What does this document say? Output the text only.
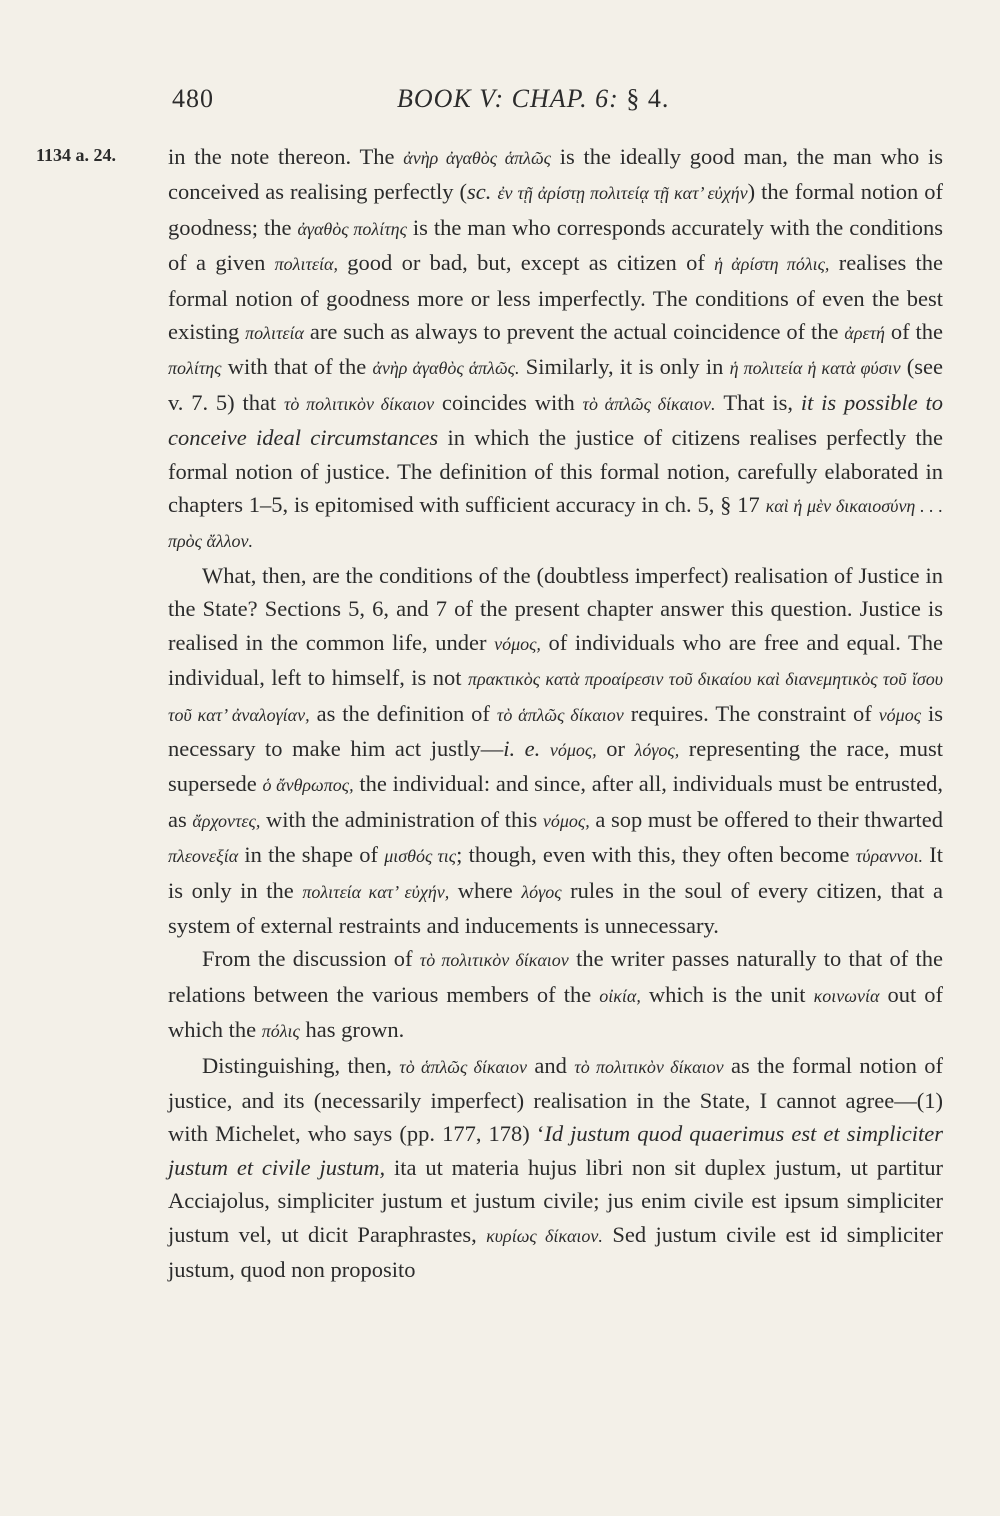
480	BOOK V: CHAP. 6: § 4.
1134 a. 24. in the note thereon. The ἀνὴρ ἀγαθὸς ἁπλῶς is the ideally good man, the man who is conceived as realising perfectly (sc. ἐν τῇ ἀρίστῃ πολιτείᾳ τῇ κατ’ εὐχήν) the formal notion of goodness; the ἀγαθὸς πολίτης is the man who corresponds accurately with the conditions of a given πολιτεία, good or bad, but, except as citizen of ἡ ἀρίστη πόλις, realises the formal notion of goodness more or less imperfectly. The conditions of even the best existing πολιτεία are such as always to prevent the actual coincidence of the ἀρετή of the πολίτης with that of the ἀνὴρ ἀγαθὸς ἁπλῶς. Similarly, it is only in ἡ πολιτεία ἡ κατὰ φύσιν (see v. 7. 5) that τὸ πολιτικὸν δίκαιον coincides with τὸ ἁπλῶς δίκαιον. That is, it is possible to conceive ideal circumstances in which the justice of citizens realises perfectly the formal notion of justice. The definition of this formal notion, carefully elaborated in chapters 1–5, is epitomised with sufficient accuracy in ch. 5, § 17 καὶ ἡ μὲν δικαιοσύνη . . . πρὸς ἄλλον.

What, then, are the conditions of the (doubtless imperfect) realisation of Justice in the State? Sections 5, 6, and 7 of the present chapter answer this question. Justice is realised in the common life, under νόμος, of individuals who are free and equal. The individual, left to himself, is not πρακτικὸς κατὰ προαίρεσιν τοῦ δικαίου καὶ διανεμητικὸς τοῦ ἴσου τοῦ κατ’ ἀναλογίαν, as the definition of τὸ ἁπλῶς δίκαιον requires. The constraint of νόμος is necessary to make him act justly—i. e. νόμος, or λόγος, representing the race, must supersede ὁ ἄνθρωπος, the individual: and since, after all, individuals must be entrusted, as ἄρχοντες, with the administration of this νόμος, a sop must be offered to their thwarted πλεονεξία in the shape of μισθός τις; though, even with this, they often become τύραννοι. It is only in the πολιτεία κατ’ εὐχήν, where λόγος rules in the soul of every citizen, that a system of external restraints and inducements is unnecessary.

From the discussion of τὸ πολιτικὸν δίκαιον the writer passes naturally to that of the relations between the various members of the οἰκία, which is the unit κοινωνία out of which the πόλις has grown.

Distinguishing, then, τὸ ἁπλῶς δίκαιον and τὸ πολιτικὸν δίκαιον as the formal notion of justice, and its (necessarily imperfect) realisation in the State, I cannot agree—(1) with Michelet, who says (pp. 177, 178) ‘Id justum quod quaerimus est et simpliciter justum et civile justum, ita ut materia hujus libri non sit duplex justum, ut partitur Acciajolus, simpliciter justum et justum civile; jus enim civile est ipsum simpliciter justum vel, ut dicit Paraphrastes, κυρίως δίκαιον. Sed justum civile est id simpliciter justum, quod non proposito
